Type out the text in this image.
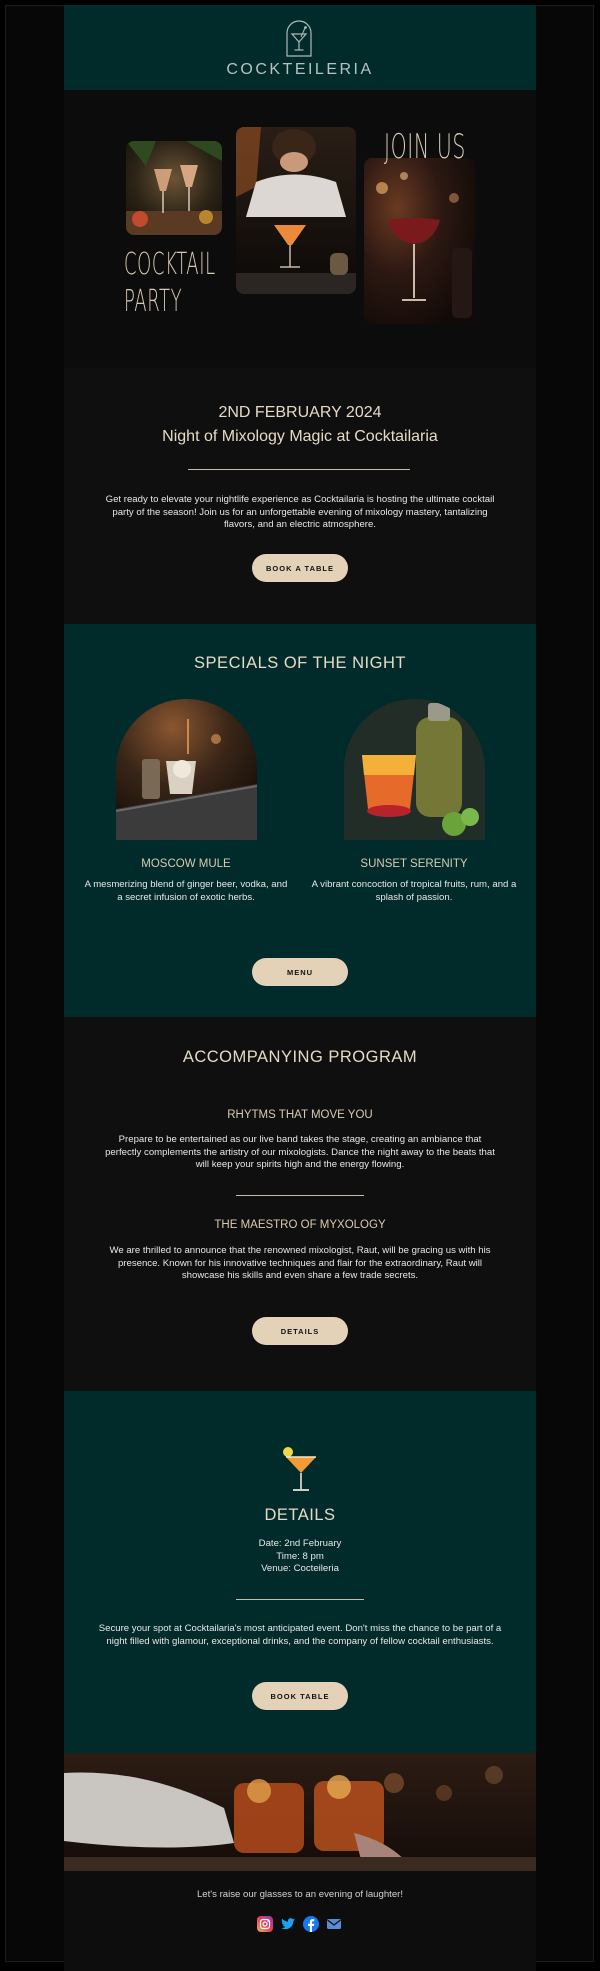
COCKTEILERIA
COCKTAIL
PARTY
JOIN US
2ND FEBRUARY 2024
Night of Mixology Magic at Cocktailaria
Get ready to elevate your nightlife experience as Cocktailaria is hosting the ultimate cocktail party of the season! Join us for an unforgettable evening of mixology mastery, tantalizing flavors, and an electric atmosphere.
BOOK A TABLE
SPECIALS OF THE NIGHT
MOSCOW MULE
A mesmerizing blend of ginger beer, vodka, and a secret infusion of exotic herbs.
SUNSET SERENITY
A vibrant concoction of tropical fruits, rum, and a splash of passion.
MENU
ACCOMPANYING PROGRAM
RHYTMS THAT MOVE YOU
Prepare to be entertained as our live band takes the stage, creating an ambiance that perfectly complements the artistry of our mixologists. Dance the night away to the beats that will keep your spirits high and the energy flowing.
THE MAESTRO OF MYXOLOGY
We are thrilled to announce that the renowned mixologist, Raut, will be gracing us with his presence. Known for his innovative techniques and flair for the extraordinary, Raut will showcase his skills and even share a few trade secrets.
DETAILS
DETAILS
Date: 2nd February
Time: 8 pm
Venue: Cocteileria
Secure your spot at Cocktailaria's most anticipated event. Don't miss the chance to be part of a night filled with glamour, exceptional drinks, and the company of fellow cocktail enthusiasts.
BOOK TABLE
Let's raise our glasses to an evening of laughter!
